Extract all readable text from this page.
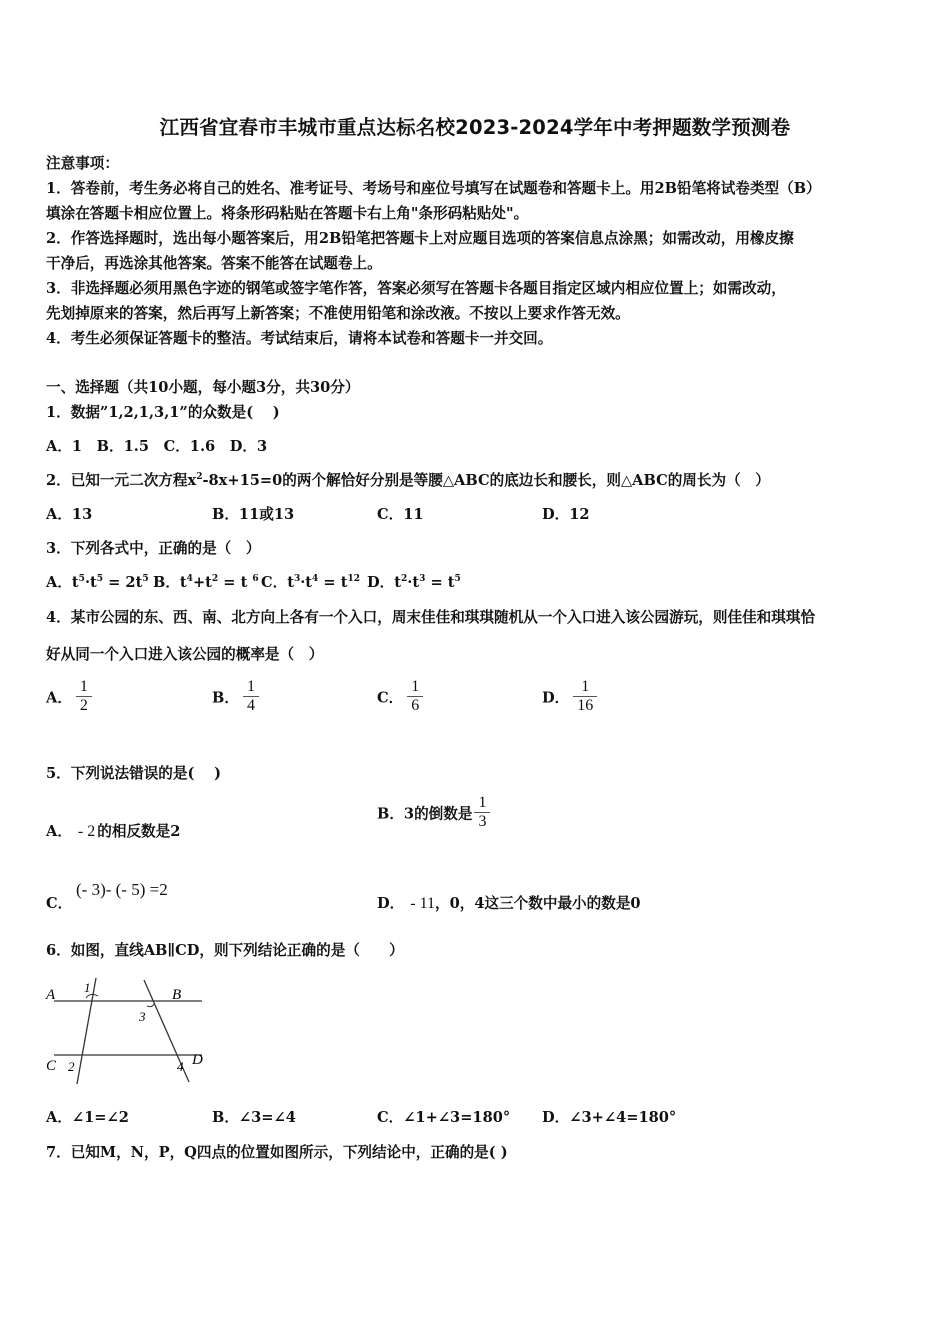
江西省宜春市丰城市重点达标名校2023-2024学年中考押题数学预测卷
注意事项：
1．答卷前，考生务必将自己的姓名、准考证号、考场号和座位号填写在试题卷和答题卡上。用2B铅笔将试卷类型（B）
填涂在答题卡相应位置上。将条形码粘贴在答题卡右上角"条形码粘贴处"。
2．作答选择题时，选出每小题答案后，用2B铅笔把答题卡上对应题目选项的答案信息点涂黑；如需改动，用橡皮擦
干净后，再选涂其他答案。答案不能答在试题卷上。
3．非选择题必须用黑色字迹的钢笔或签字笔作答，答案必须写在答题卡各题目指定区域内相应位置上；如需改动，
先划掉原来的答案，然后再写上新答案；不准使用铅笔和涂改液。不按以上要求作答无效。
4．考生必须保证答题卡的整洁。考试结束后，请将本试卷和答题卡一并交回。
一、选择题（共10小题，每小题3分，共30分）
1．数据”1,2,1,3,1”的众数是(　 )
A．1　B．1.5　C．1.6　D．3
2．已知一元二次方程$x^2-8x+15=0$的两个解恰好分别是等腰△ABC的底边长和腰长，则△ABC的周长为（　）
A．13	B．11或13	C．11	D．12
3．下列各式中，正确的是（　）
A．$t^5\cdot t^5 = 2t^5$ B．$t^4+t^2 = t$ $^6$ C．$t^3\cdot t^4 = t^{12}$ D．$t^2\cdot t^3 = t^5$
4．某市公园的东、西、南、北方向上各有一个入口，周末佳佳和琪琪随机从一个入口进入该公园游玩，则佳佳和琪琪恰
好从同一个入口进入该公园的概率是（　）
A． $\frac{1}{2}$	B． $\frac{1}{4}$	C． $\frac{1}{6}$	D． $\frac{1}{16}$
5．下列说法错误的是(　 )
A． - 2 的相反数是2
B．3的倒数是 $\frac{1}{3}$
C．
(- 3)- (- 5) =2
D． - 11，0，4这三个数中最小的数是0
6．如图，直线AB∥CD，则下列结论正确的是（　　）
A	B
C	D
1
2
3
4
A．∠1=∠2	B．∠3=∠4	C．∠1+∠3=180° D．∠3+∠4=180°
7．已知M，N，P，Q四点的位置如图所示，下列结论中，正确的是( )
